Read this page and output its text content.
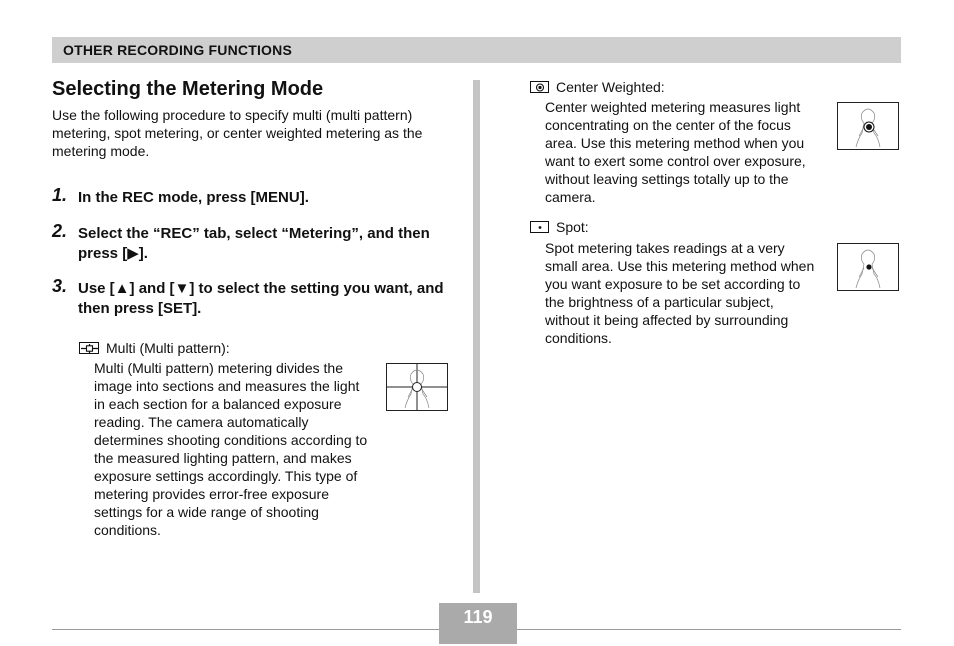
OTHER RECORDING FUNCTIONS
Selecting the Metering Mode

Use the following procedure to specify multi (multi pattern) metering, spot metering, or center weighted metering as the metering mode.

1. In the REC mode, press [MENU].
2. Select the “REC” tab, select “Metering”, and then press [▶].
3. Use [▲] and [▼] to select the setting you want, and then press [SET].
Multi (Multi pattern):

Multi (Multi pattern) metering divides the image into sections and measures the light in each section for a balanced exposure reading. The camera automatically determines shooting conditions according to the measured lighting pattern, and makes exposure settings accordingly. This type of metering provides error-free exposure settings for a wide range of shooting conditions.

Center Weighted:

Center weighted metering measures light concentrating on the center of the focus area. Use this metering method when you want to exert some control over exposure, without leaving settings totally up to the camera.

Spot:

Spot metering takes readings at a very small area. Use this metering method when you want exposure to be set according to the brightness of a particular subject, without it being affected by surrounding conditions.

119
